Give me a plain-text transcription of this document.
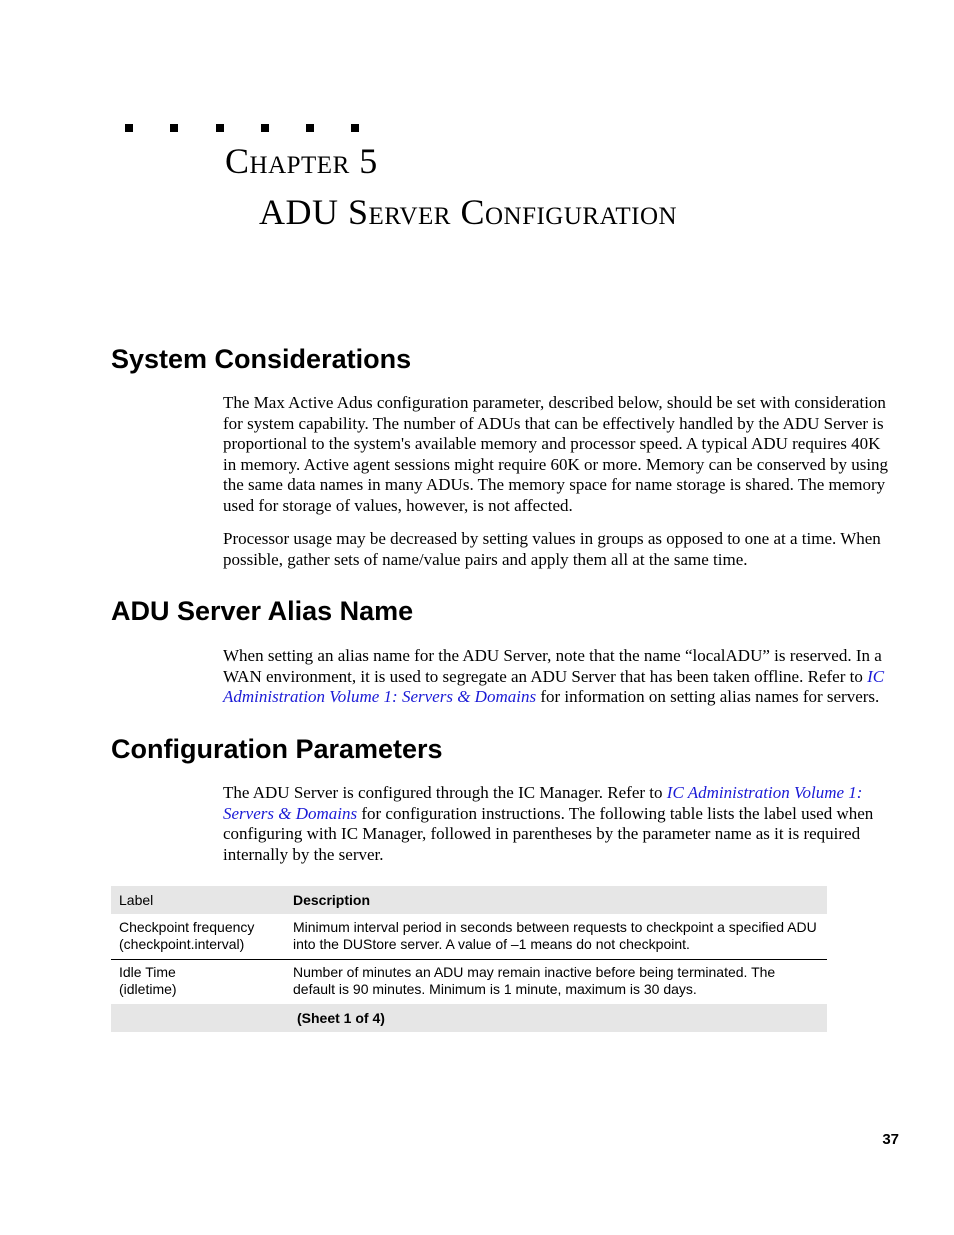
Chapter 5
ADU Server Configuration
System Considerations

The Max Active Adus configuration parameter, described below, should be set with consideration for system capability. The number of ADUs that can be effectively handled by the ADU Server is proportional to the system's available memory and processor speed. A typical ADU requires 40K in memory. Active agent sessions might require 60K or more. Memory can be conserved by using the same data names in many ADUs. The memory space for name storage is shared. The memory used for storage of values, however, is not affected.

Processor usage may be decreased by setting values in groups as opposed to one at a time. When possible, gather sets of name/value pairs and apply them all at the same time.

ADU Server Alias Name

When setting an alias name for the ADU Server, note that the name “localADU” is reserved. In a WAN environment, it is used to segregate an ADU Server that has been taken offline. Refer to IC Administration Volume 1: Servers & Domains for information on setting alias names for servers.

Configuration Parameters

The ADU Server is configured through the IC Manager. Refer to IC Administration Volume 1: Servers & Domains for configuration instructions. The following table lists the label used when configuring with IC Manager, followed in parentheses by the parameter name as it is required internally by the server.

Label	Description

Checkpoint frequency
(checkpoint.interval)	Minimum interval period in seconds between requests to checkpoint a specified ADU into the DUStore server. A value of –1 means do not checkpoint.

Idle Time
(idletime)	Number of minutes an ADU may remain inactive before being terminated. The default is 90 minutes. Minimum is 1 minute, maximum is 30 days.
	(Sheet 1 of 4)
37
